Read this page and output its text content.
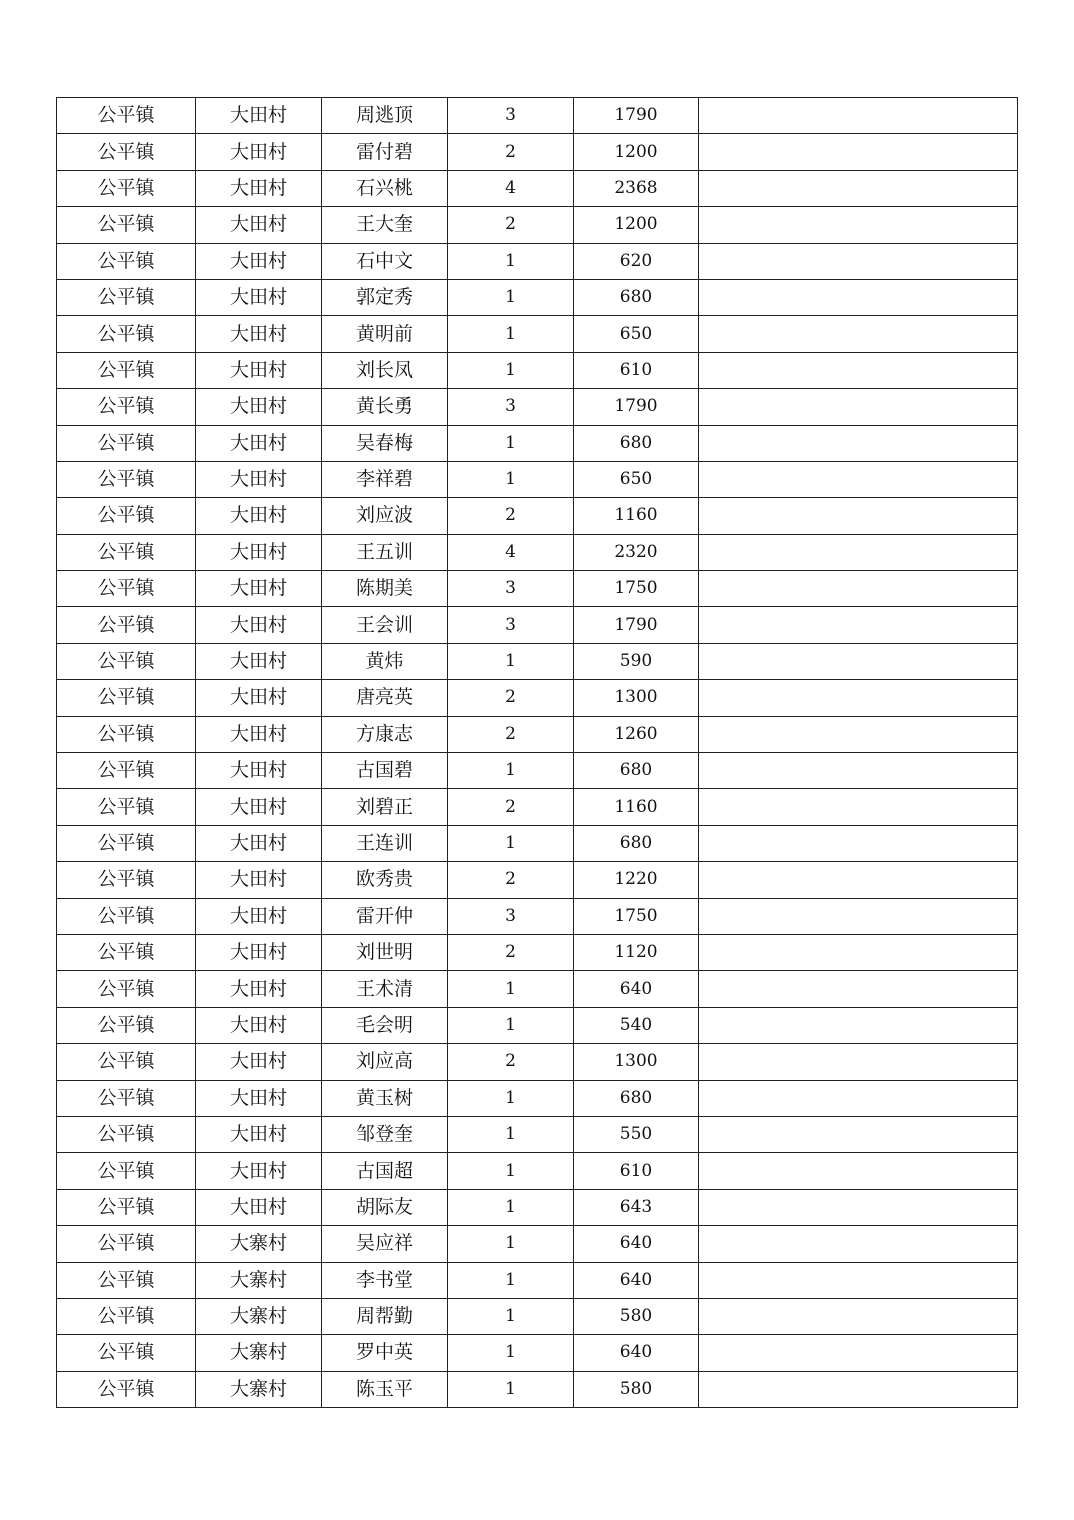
公平镇	大田村	周逃顶	3	1790	
公平镇	大田村	雷付碧	2	1200	
公平镇	大田村	石兴桃	4	2368	
公平镇	大田村	王大奎	2	1200	
公平镇	大田村	石中文	1	620	
公平镇	大田村	郭定秀	1	680	
公平镇	大田村	黄明前	1	650	
公平镇	大田村	刘长凤	1	610	
公平镇	大田村	黄长勇	3	1790	
公平镇	大田村	吴春梅	1	680	
公平镇	大田村	李祥碧	1	650	
公平镇	大田村	刘应波	2	1160	
公平镇	大田村	王五训	4	2320	
公平镇	大田村	陈期美	3	1750	
公平镇	大田村	王会训	3	1790	
公平镇	大田村	黄炜	1	590	
公平镇	大田村	唐亮英	2	1300	
公平镇	大田村	方康志	2	1260	
公平镇	大田村	古国碧	1	680	
公平镇	大田村	刘碧正	2	1160	
公平镇	大田村	王连训	1	680	
公平镇	大田村	欧秀贵	2	1220	
公平镇	大田村	雷开仲	3	1750	
公平镇	大田村	刘世明	2	1120	
公平镇	大田村	王术清	1	640	
公平镇	大田村	毛会明	1	540	
公平镇	大田村	刘应高	2	1300	
公平镇	大田村	黄玉树	1	680	
公平镇	大田村	邹登奎	1	550	
公平镇	大田村	古国超	1	610	
公平镇	大田村	胡际友	1	643	
公平镇	大寨村	吴应祥	1	640	
公平镇	大寨村	李书堂	1	640	
公平镇	大寨村	周帮勤	1	580	
公平镇	大寨村	罗中英	1	640	
公平镇	大寨村	陈玉平	1	580	
